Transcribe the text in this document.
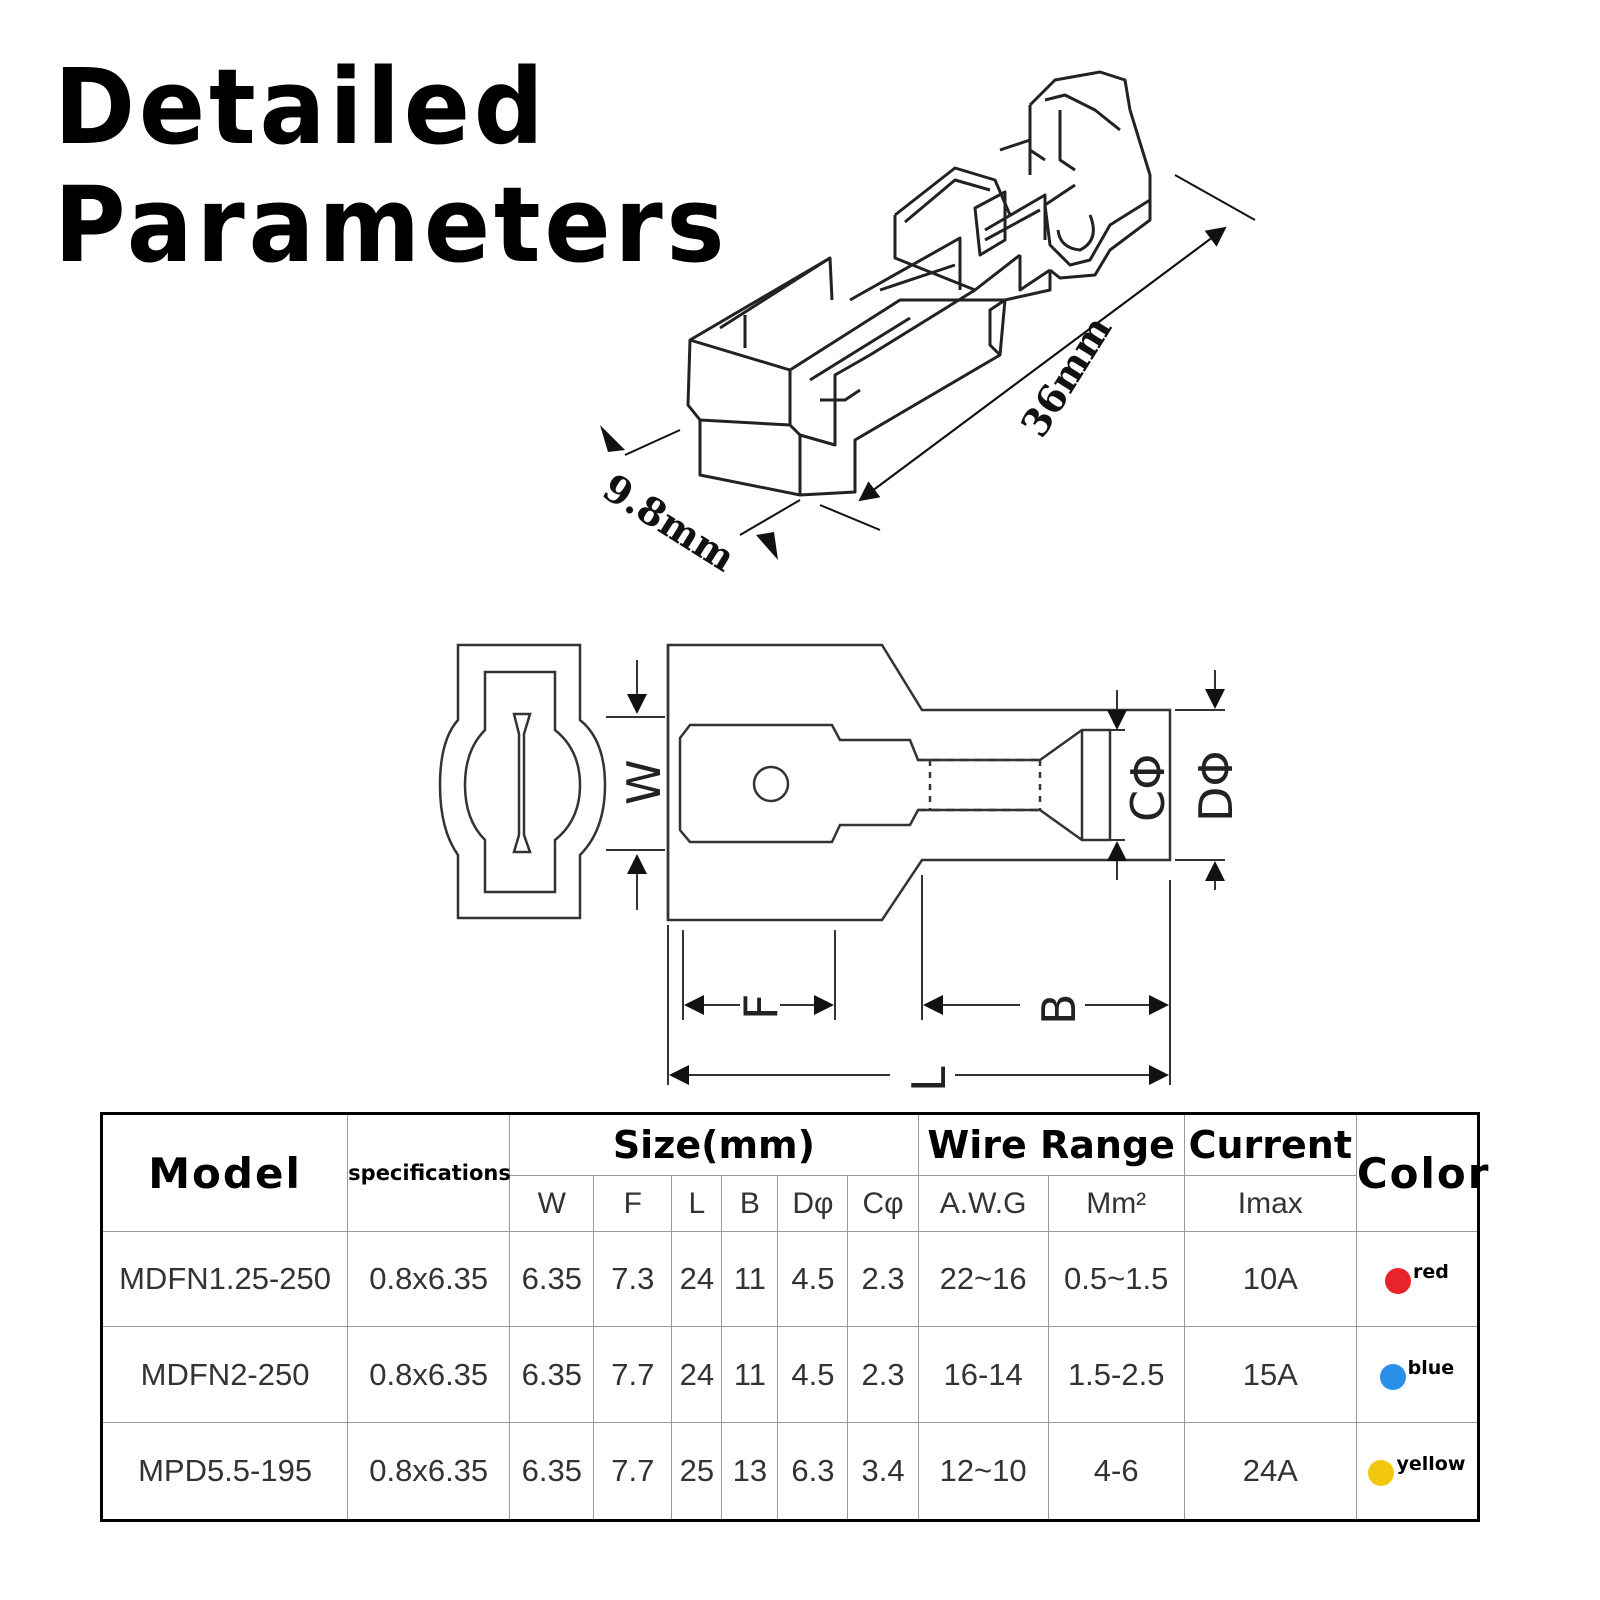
Detailed
Parameters
9.8mm
36mm
W
F	B
L
CΦ DΦ
Model	specifications	Size(mm)						Wire Range		Current	Color
		W	F	L	B	Dφ	Cφ	A.W.G	Mm²	Imax	
MDFN1.25-250	0.8x6.35	6.35	7.3	24	11	4.5	2.3	22~16	0.5~1.5	10A	$^{red}$
MDFN2-250	0.8x6.35	6.35	7.7	24	11	4.5	2.3	16-14	1.5-2.5	15A	$^{blue}$
MPD5.5-195	0.8x6.35	6.35	7.7	25	13	6.3	3.4	12~10	4-6	24A	$^{yellow}$
